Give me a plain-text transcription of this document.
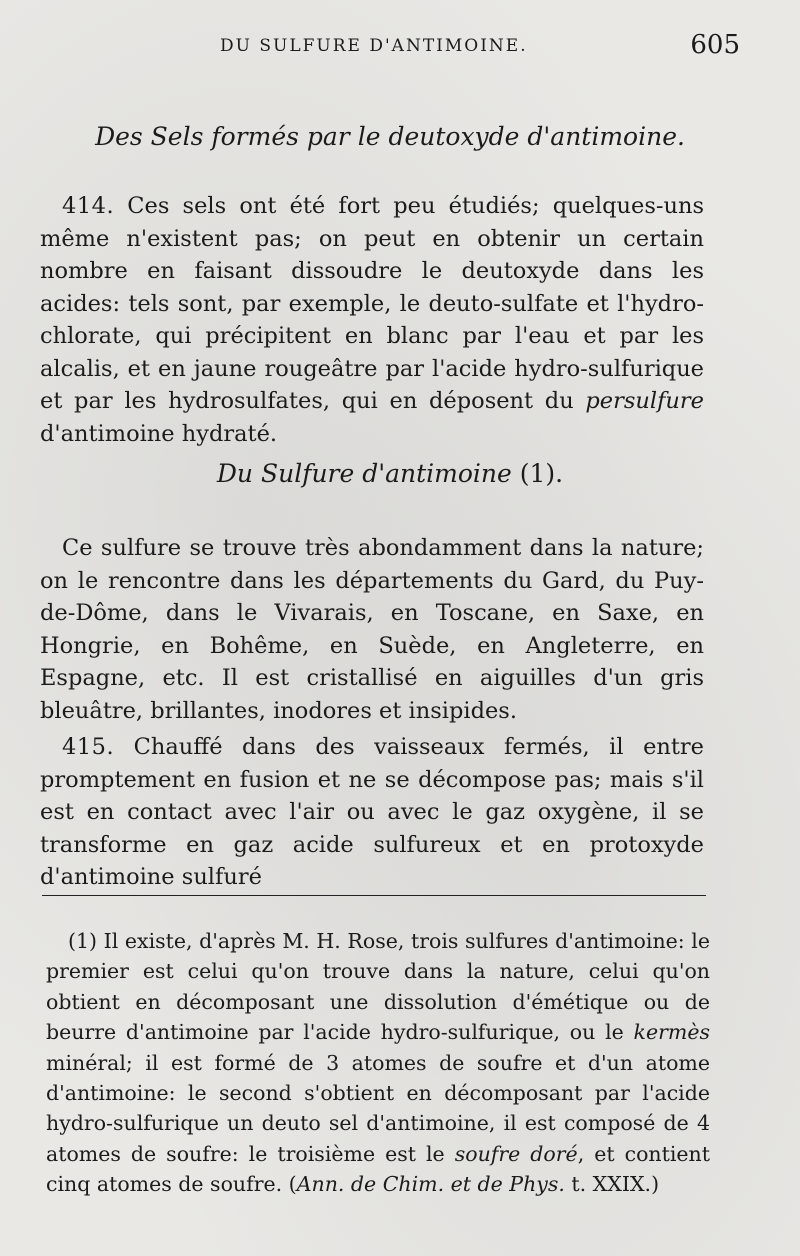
DU SULFURE D'ANTIMOINE.	605
Des Sels formés par le deutoxyde d'antimoine.
414. Ces sels ont été fort peu étudiés; quelques-uns même n'existent pas; on peut en obtenir un certain nombre en faisant dissoudre le deutoxyde dans les acides: tels sont, par exemple, le deuto-sulfate et l'hydro-chlorate, qui précipitent en blanc par l'eau et par les alcalis, et en jaune rougeâtre par l'acide hydro-sulfurique et par les hydrosulfates, qui en déposent du persulfure d'antimoine hydraté.
Du Sulfure d'antimoine (1).
Ce sulfure se trouve très abondamment dans la nature; on le rencontre dans les départements du Gard, du Puy-de-Dôme, dans le Vivarais, en Toscane, en Saxe, en Hongrie, en Bohême, en Suède, en Angleterre, en Espagne, etc. Il est cristallisé en aiguilles d'un gris bleuâtre, brillantes, inodores et insipides.
415. Chauffé dans des vaisseaux fermés, il entre promptement en fusion et ne se décompose pas; mais s'il est en contact avec l'air ou avec le gaz oxygène, il se transforme en gaz acide sulfureux et en protoxyde d'antimoine sulfuré
(1) Il existe, d'après M. H. Rose, trois sulfures d'antimoine: le premier est celui qu'on trouve dans la nature, celui qu'on obtient en décomposant une dissolution d'émétique ou de beurre d'antimoine par l'acide hydro-sulfurique, ou le kermès minéral; il est formé de 3 atomes de soufre et d'un atome d'antimoine: le second s'obtient en décomposant par l'acide hydro-sulfurique un deuto sel d'antimoine, il est composé de 4 atomes de soufre: le troisième est le soufre doré, et contient cinq atomes de soufre. (Ann. de Chim. et de Phys. t. XXIX.)
